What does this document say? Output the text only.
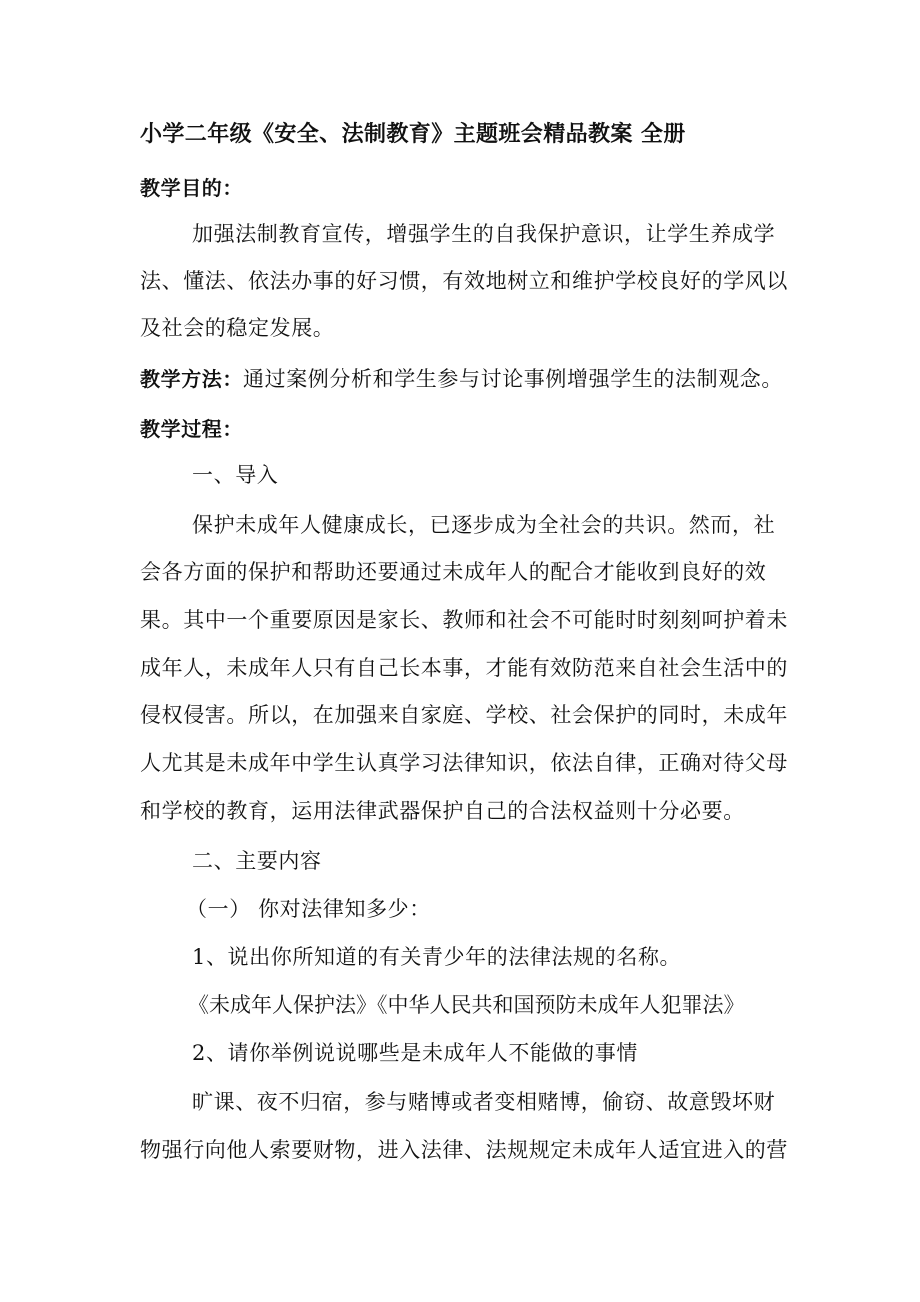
小学二年级《安全、法制教育》主题班会精品教案 全册
教学目的：
加强法制教育宣传，增强学生的自我保护意识，让学生养成学
法、懂法、依法办事的好习惯，有效地树立和维护学校良好的学风以
及社会的稳定发展。
教学方法：通过案例分析和学生参与讨论事例增强学生的法制观念。
教学过程：
一、导入
保护未成年人健康成长，已逐步成为全社会的共识。然而，社
会各方面的保护和帮助还要通过未成年人的配合才能收到良好的效
果。其中一个重要原因是家长、教师和社会不可能时时刻刻呵护着未
成年人，未成年人只有自己长本事，才能有效防范来自社会生活中的
侵权侵害。所以，在加强来自家庭、学校、社会保护的同时，未成年
人尤其是未成年中学生认真学习法律知识，依法自律，正确对待父母
和学校的教育，运用法律武器保护自己的合法权益则十分必要。
二、主要内容
（一） 你对法律知多少：
1、说出你所知道的有关青少年的法律法规的名称。
《未成年人保护法》《中华人民共和国预防未成年人犯罪法》
2、请你举例说说哪些是未成年人不能做的事情
旷课、夜不归宿，参与赌博或者变相赌博，偷窃、故意毁坏财
物强行向他人索要财物，进入法律、法规规定未成年人适宜进入的营
